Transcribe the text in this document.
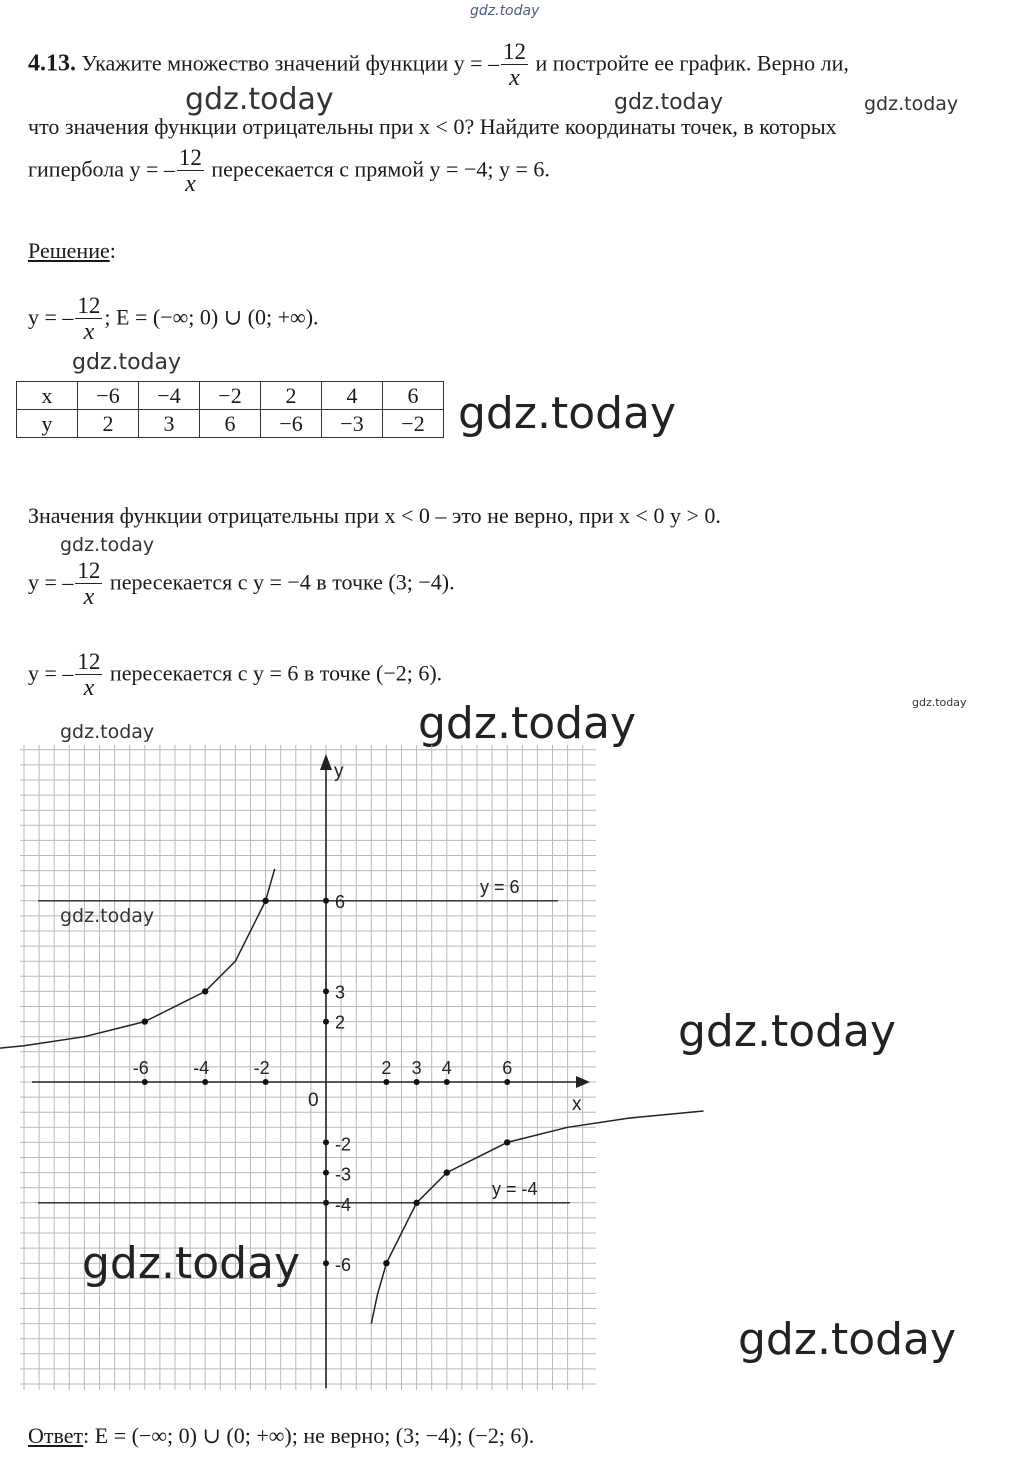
gdz.today
gdz.today	gdz.today	gdz.today
gdz.today
gdz.today
gdz.today
gdz.today
gdz.today
gdz.today
4.13. Укажите множество значений функции y = – $\frac{12}{x}$ и постройте ее график. Верно ли,
что значения функции отрицательны при x < 0? Найдите координаты точек, в которых
гипербола y = – $\frac{12}{x}$ пересекается с прямой y = −4; y = 6.
Решение:
y = – $\frac{12}{x}$ ; E = (−∞; 0) ∪ (0; +∞).
x	−6	−4	−2	2	4	6
y	2	3	6	−6	−3	−2
Значения функции отрицательны при x < 0 – это не верно, при x < 0 y > 0.
y = – $\frac{12}{x}$ пересекается с y = −4 в точке (3; −4).
y = – $\frac{12}{x}$ пересекается с y = 6 в точке (−2; 6).
y = 6
y = -4
x
y
0
-6 -4 -2	2 3 4	6
6
3
2
-2
-3
-4
-6
gdz.today
gdz.today
gdz.today
gdz.today
Ответ: E = (−∞; 0) ∪ (0; +∞); не верно; (3; −4); (−2; 6).
